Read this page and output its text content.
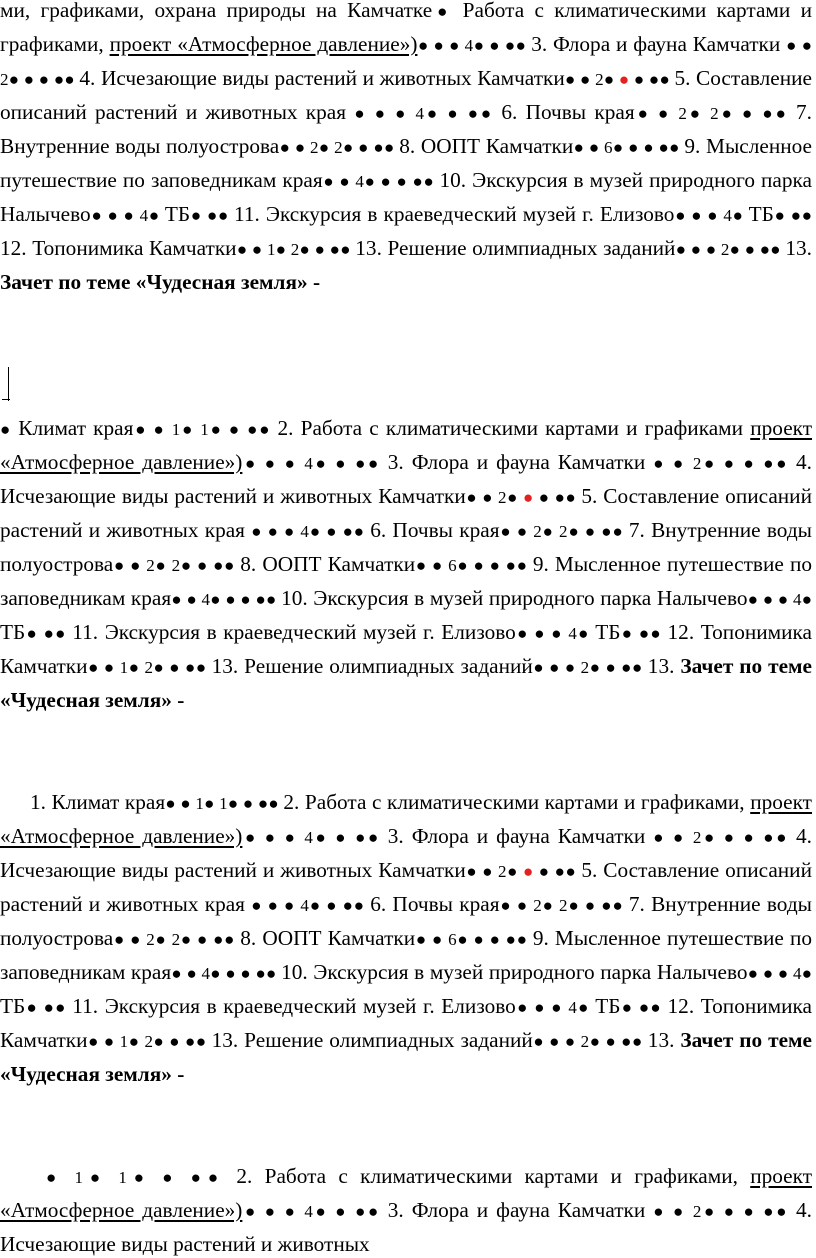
ми, графиками, охрана природы на Камчатке● Работа с климатическими картами и графиками, проект «Атмосферное давление»)● ● ● 4● ● ●● 3. Флора и фауна Камчатки ● ● 2● ● ● ●● 4. Исчезающие виды растений и животных Камчатки● ● 2● ● ● ●● 5. Составление описаний растений и животных края ● ● ● 4● ● ●● 6. Почвы края● ● 2● 2● ● ●● 7. Внутренние воды полуострова● ● 2● 2● ● ●● 8. ООПТ Камчатки● ● 6● ● ● ●● 9. Мысленное путешествие по заповедникам края● ● 4● ● ● ●● 10. Экскурсия в музей природного парка Налычево● ● ● 4● ТБ● ●● 11. Экскурсия в краеведческий музей г. Елизово● ● ● 4● ТБ● ●● 12. Топонимика Камчатки● ● 1● 2● ● ●● 13. Решение олимпиадных заданий● ● ● 2● ● ●● 13. Зачет по теме «Чудесная земля» -
● Климат края● ● 1● 1● ● ●● 2. Работа с климатическими картами и графиками проект «Атмосферное давление»)● ● ● 4● ● ●● 3. Флора и фауна Камчатки ● ● 2● ● ● ●● 4. Исчезающие виды растений и животных Камчатки● ● 2● ● ● ●● 5. Составление описаний растений и животных края ● ● ● 4● ● ●● 6. Почвы края● ● 2● 2● ● ●● 7. Внутренние воды полуострова● ● 2● 2● ● ●● 8. ООПТ Камчатки● ● 6● ● ● ●● 9. Мысленное путешествие по заповедникам края● ● 4● ● ● ●● 10. Экскурсия в музей природного парка Налычево● ● ● 4● ТБ● ●● 11. Экскурсия в краеведческий музей г. Елизово● ● ● 4● ТБ● ●● 12. Топонимика Камчатки● ● 1● 2● ● ●● 13. Решение олимпиадных заданий● ● ● 2● ● ●● 13. Зачет по теме «Чудесная земля» -
1. Климат края● ● 1● 1● ● ●● 2. Работа с климатическими картами и графиками, проект «Атмосферное давление»)● ● ● 4● ● ●● 3. Флора и фауна Камчатки ● ● 2● ● ● ●● 4. Исчезающие виды растений и животных Камчатки● ● 2● ● ● ●● 5. Составление описаний растений и животных края ● ● ● 4● ● ●● 6. Почвы края● ● 2● 2● ● ●● 7. Внутренние воды полуострова● ● 2● 2● ● ●● 8. ООПТ Камчатки● ● 6● ● ● ●● 9. Мысленное путешествие по заповедникам края● ● 4● ● ● ●● 10. Экскурсия в музей природного парка Налычево● ● ● 4● ТБ● ●● 11. Экскурсия в краеведческий музей г. Елизово● ● ● 4● ТБ● ●● 12. Топонимика Камчатки● ● 1● 2● ● ●● 13. Решение олимпиадных заданий● ● ● 2● ● ●● 13. Зачет по теме «Чудесная земля» -
● 1● 1● ● ●● 2. Работа с климатическими картами и графиками, проект «Атмосферное давление»)● ● ● 4● ● ●● 3. Флора и фауна Камчатки ● ● 2● ● ● ●● 4. Исчезающие виды растений и животных
